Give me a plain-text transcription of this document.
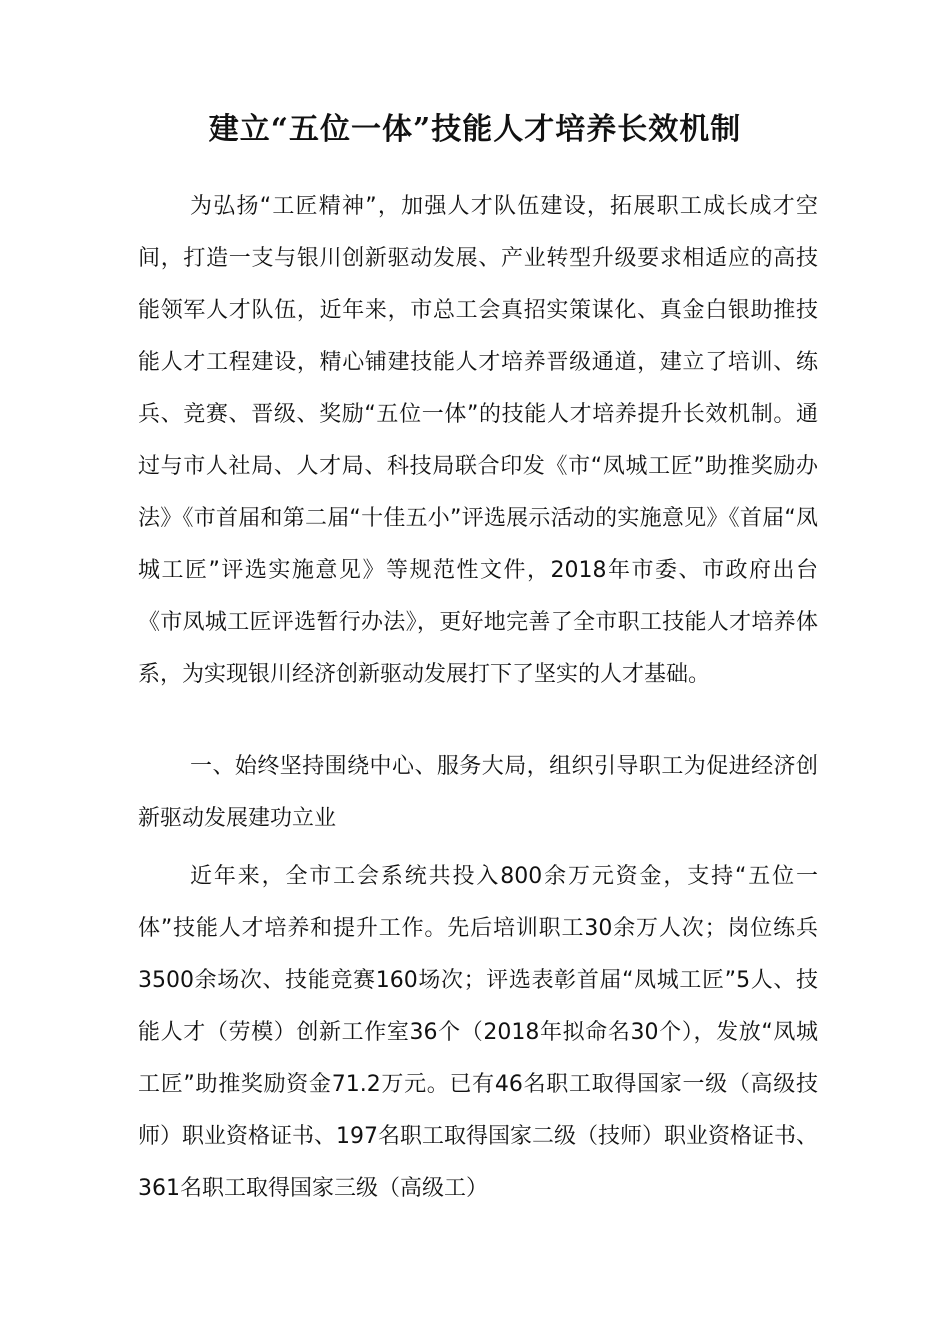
建立“五位一体”技能人才培养长效机制

为弘扬“工匠精神”，加强人才队伍建设，拓展职工成长成才空间，打造一支与银川创新驱动发展、产业转型升级要求相适应的高技能领军人才队伍，近年来，市总工会真招实策谋化、真金白银助推技能人才工程建设，精心铺建技能人才培养晋级通道，建立了培训、练兵、竞赛、晋级、奖励“五位一体”的技能人才培养提升长效机制。通过与市人社局、人才局、科技局联合印发《市“凤城工匠”助推奖励办法》《市首届和第二届“十佳五小”评选展示活动的实施意见》《首届“凤城工匠”评选实施意见》等规范性文件，2018年市委、市政府出台《市凤城工匠评选暂行办法》，更好地完善了全市职工技能人才培养体系，为实现银川经济创新驱动发展打下了坚实的人才基础。

一、始终坚持围绕中心、服务大局，组织引导职工为促进经济创新驱动发展建功立业

近年来，全市工会系统共投入800余万元资金，支持“五位一体”技能人才培养和提升工作。先后培训职工30余万人次；岗位练兵3500余场次、技能竞赛160场次；评选表彰首届“凤城工匠”5人、技能人才（劳模）创新工作室36个（2018年拟命名30个），发放“凤城工匠”助推奖励资金71.2万元。已有46名职工取得国家一级（高级技师）职业资格证书、197名职工取得国家二级（技师）职业资格证书、361名职工取得国家三级（高级工）
